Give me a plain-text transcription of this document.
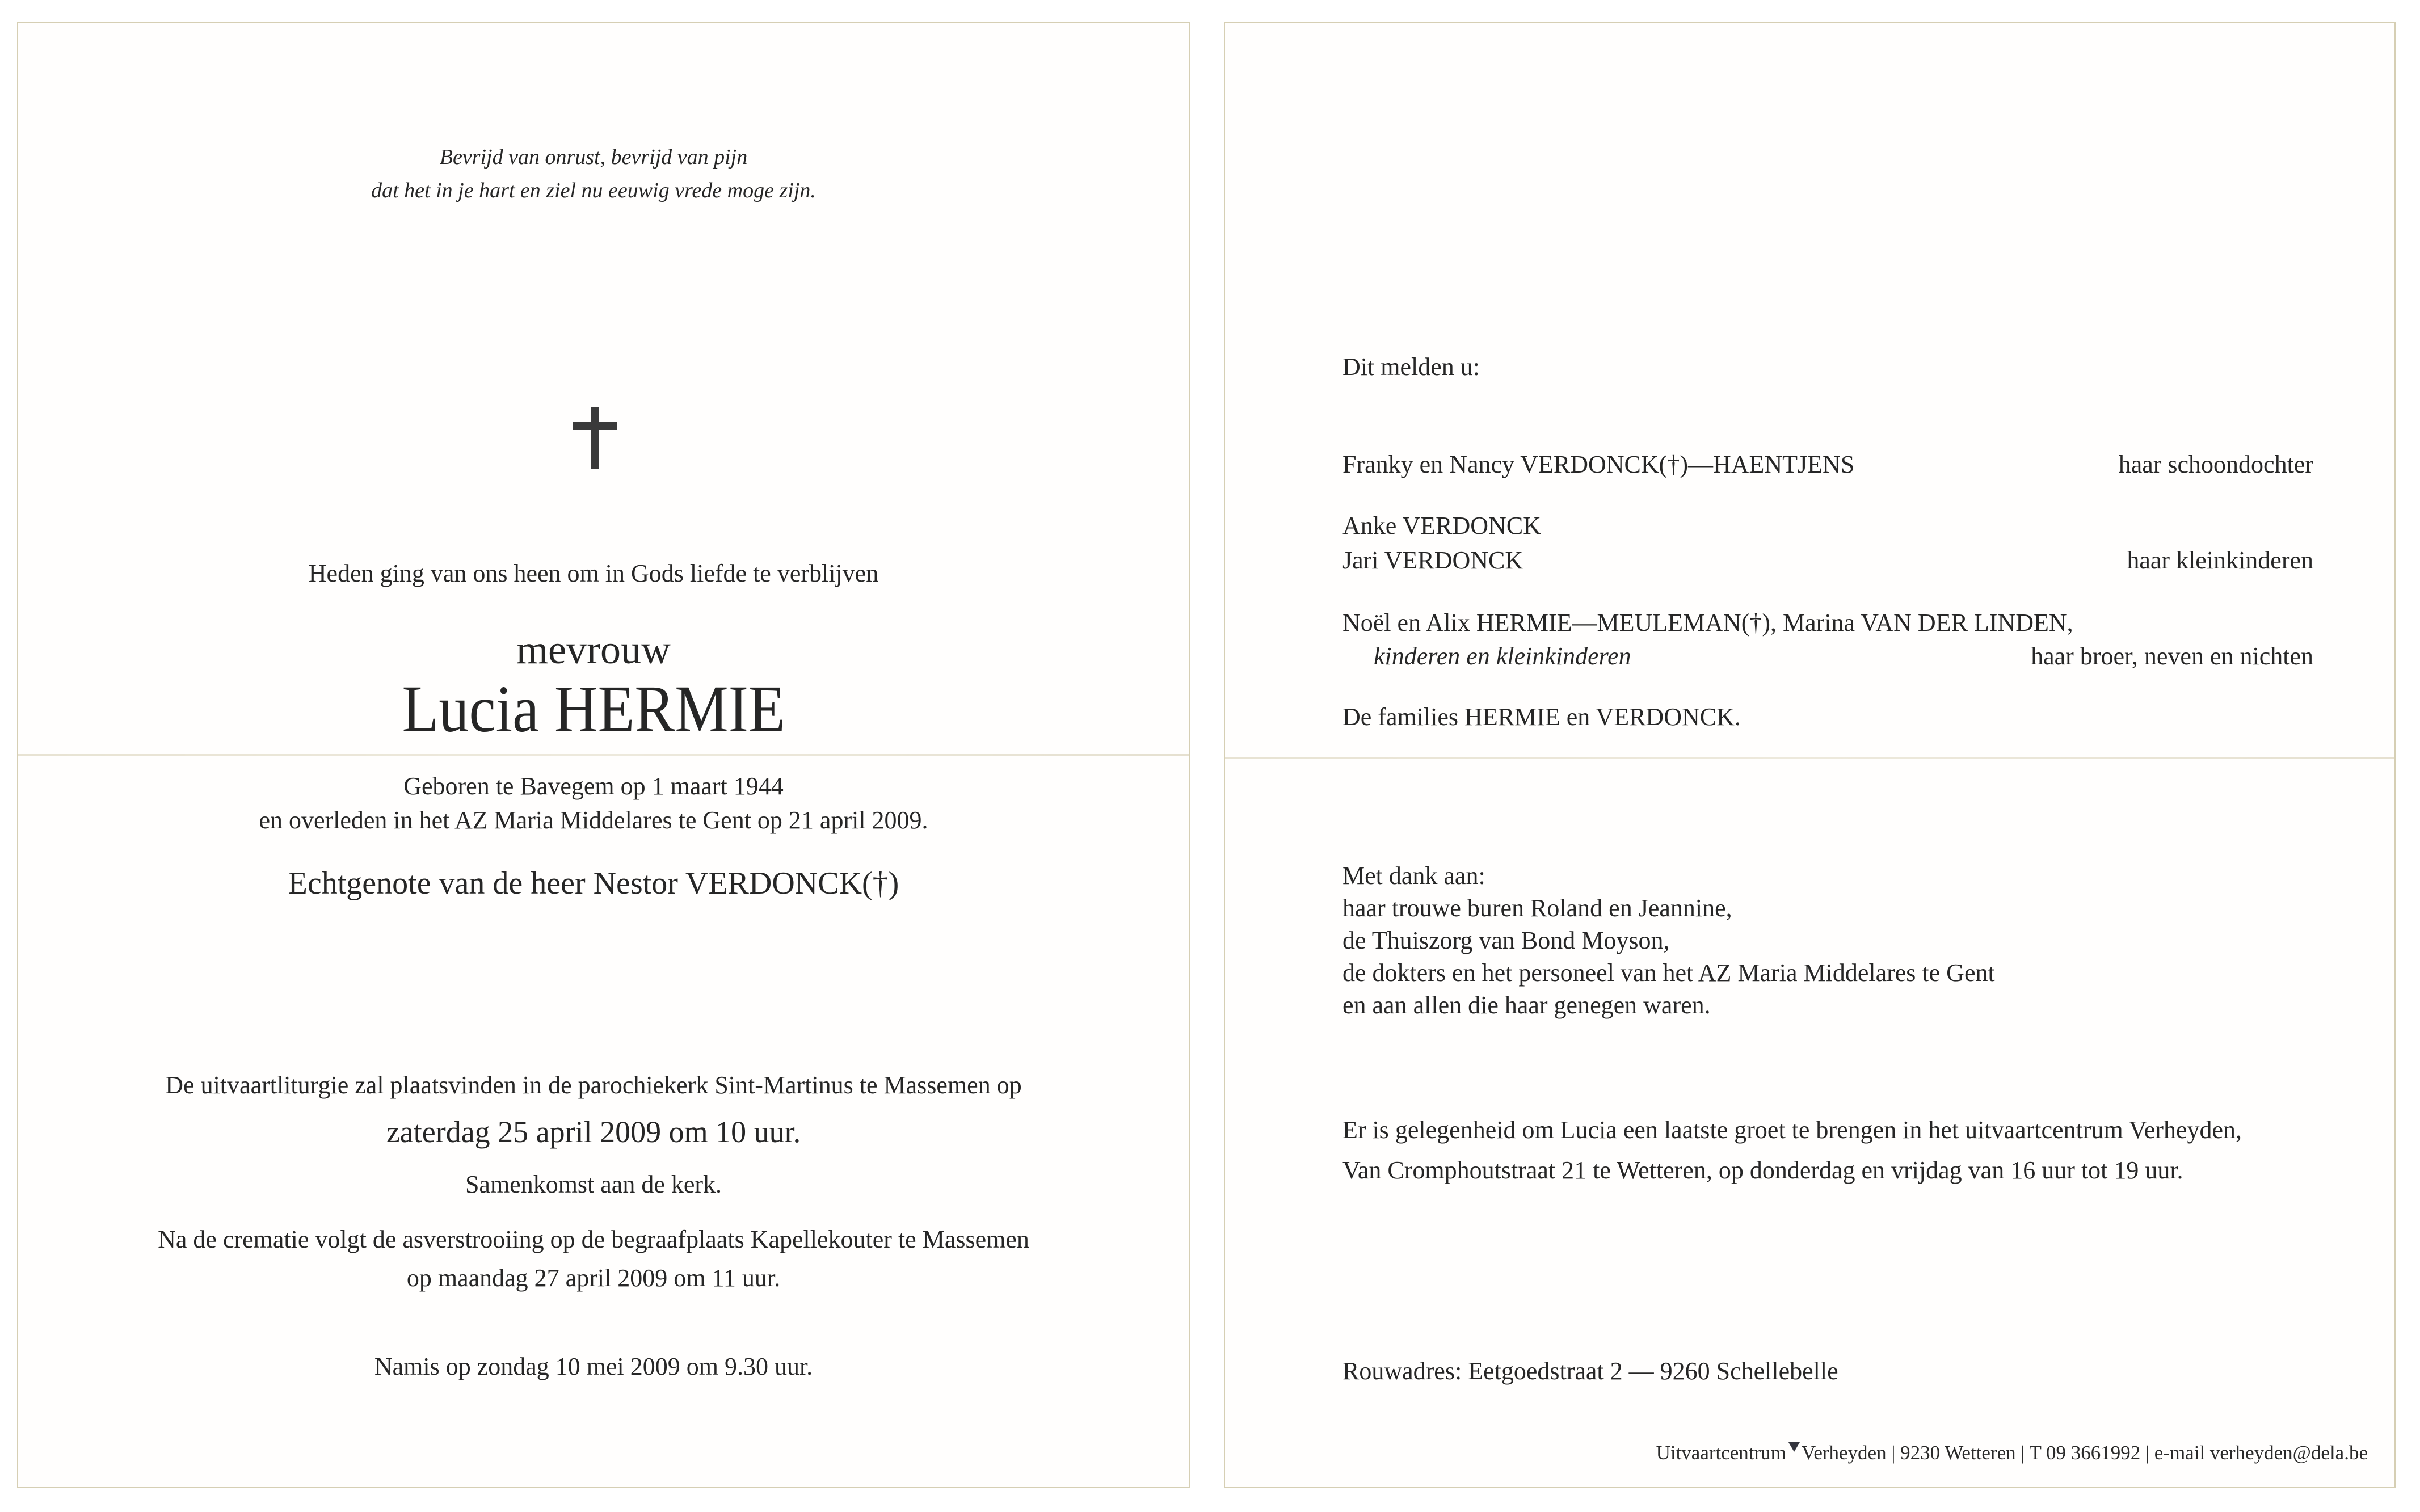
Bevrijd van onrust, bevrijd van pijn
dat het in je hart en ziel nu eeuwig vrede moge zijn.
Heden ging van ons heen om in Gods liefde te verblijven
mevrouw
Lucia HERMIE
Geboren te Bavegem op 1 maart 1944
en overleden in het AZ Maria Middelares te Gent op 21 april 2009.
Echtgenote van de heer Nestor VERDONCK(†)
De uitvaartliturgie zal plaatsvinden in de parochiekerk Sint-Martinus te Massemen op
zaterdag 25 april 2009 om 10 uur.
Samenkomst aan de kerk.
Na de crematie volgt de asverstrooiing op de begraafplaats Kapellekouter te Massemen
op maandag 27 april 2009 om 11 uur.
Namis op zondag 10 mei 2009 om 9.30 uur.
Dit melden u:
Franky en Nancy VERDONCK(†)—HAENTJENS	haar schoondochter
Anke VERDONCK
Jari VERDONCK	haar kleinkinderen
Noël en Alix HERMIE—MEULEMAN(†), Marina VAN DER LINDEN,
kinderen en kleinkinderen	haar broer, neven en nichten
De families HERMIE en VERDONCK.
Met dank aan:
haar trouwe buren Roland en Jeannine,
de Thuiszorg van Bond Moyson,
de dokters en het personeel van het AZ Maria Middelares te Gent
en aan allen die haar genegen waren.
Er is gelegenheid om Lucia een laatste groet te brengen in het uitvaartcentrum Verheyden,
Van Cromphoutstraat 21 te Wetteren, op donderdag en vrijdag van 16 uur tot 19 uur.
Rouwadres: Eetgoedstraat 2 — 9260 Schellebelle
Uitvaartcentrum Verheyden | 9230 Wetteren | T 09 3661992 | e-mail verheyden@dela.be
